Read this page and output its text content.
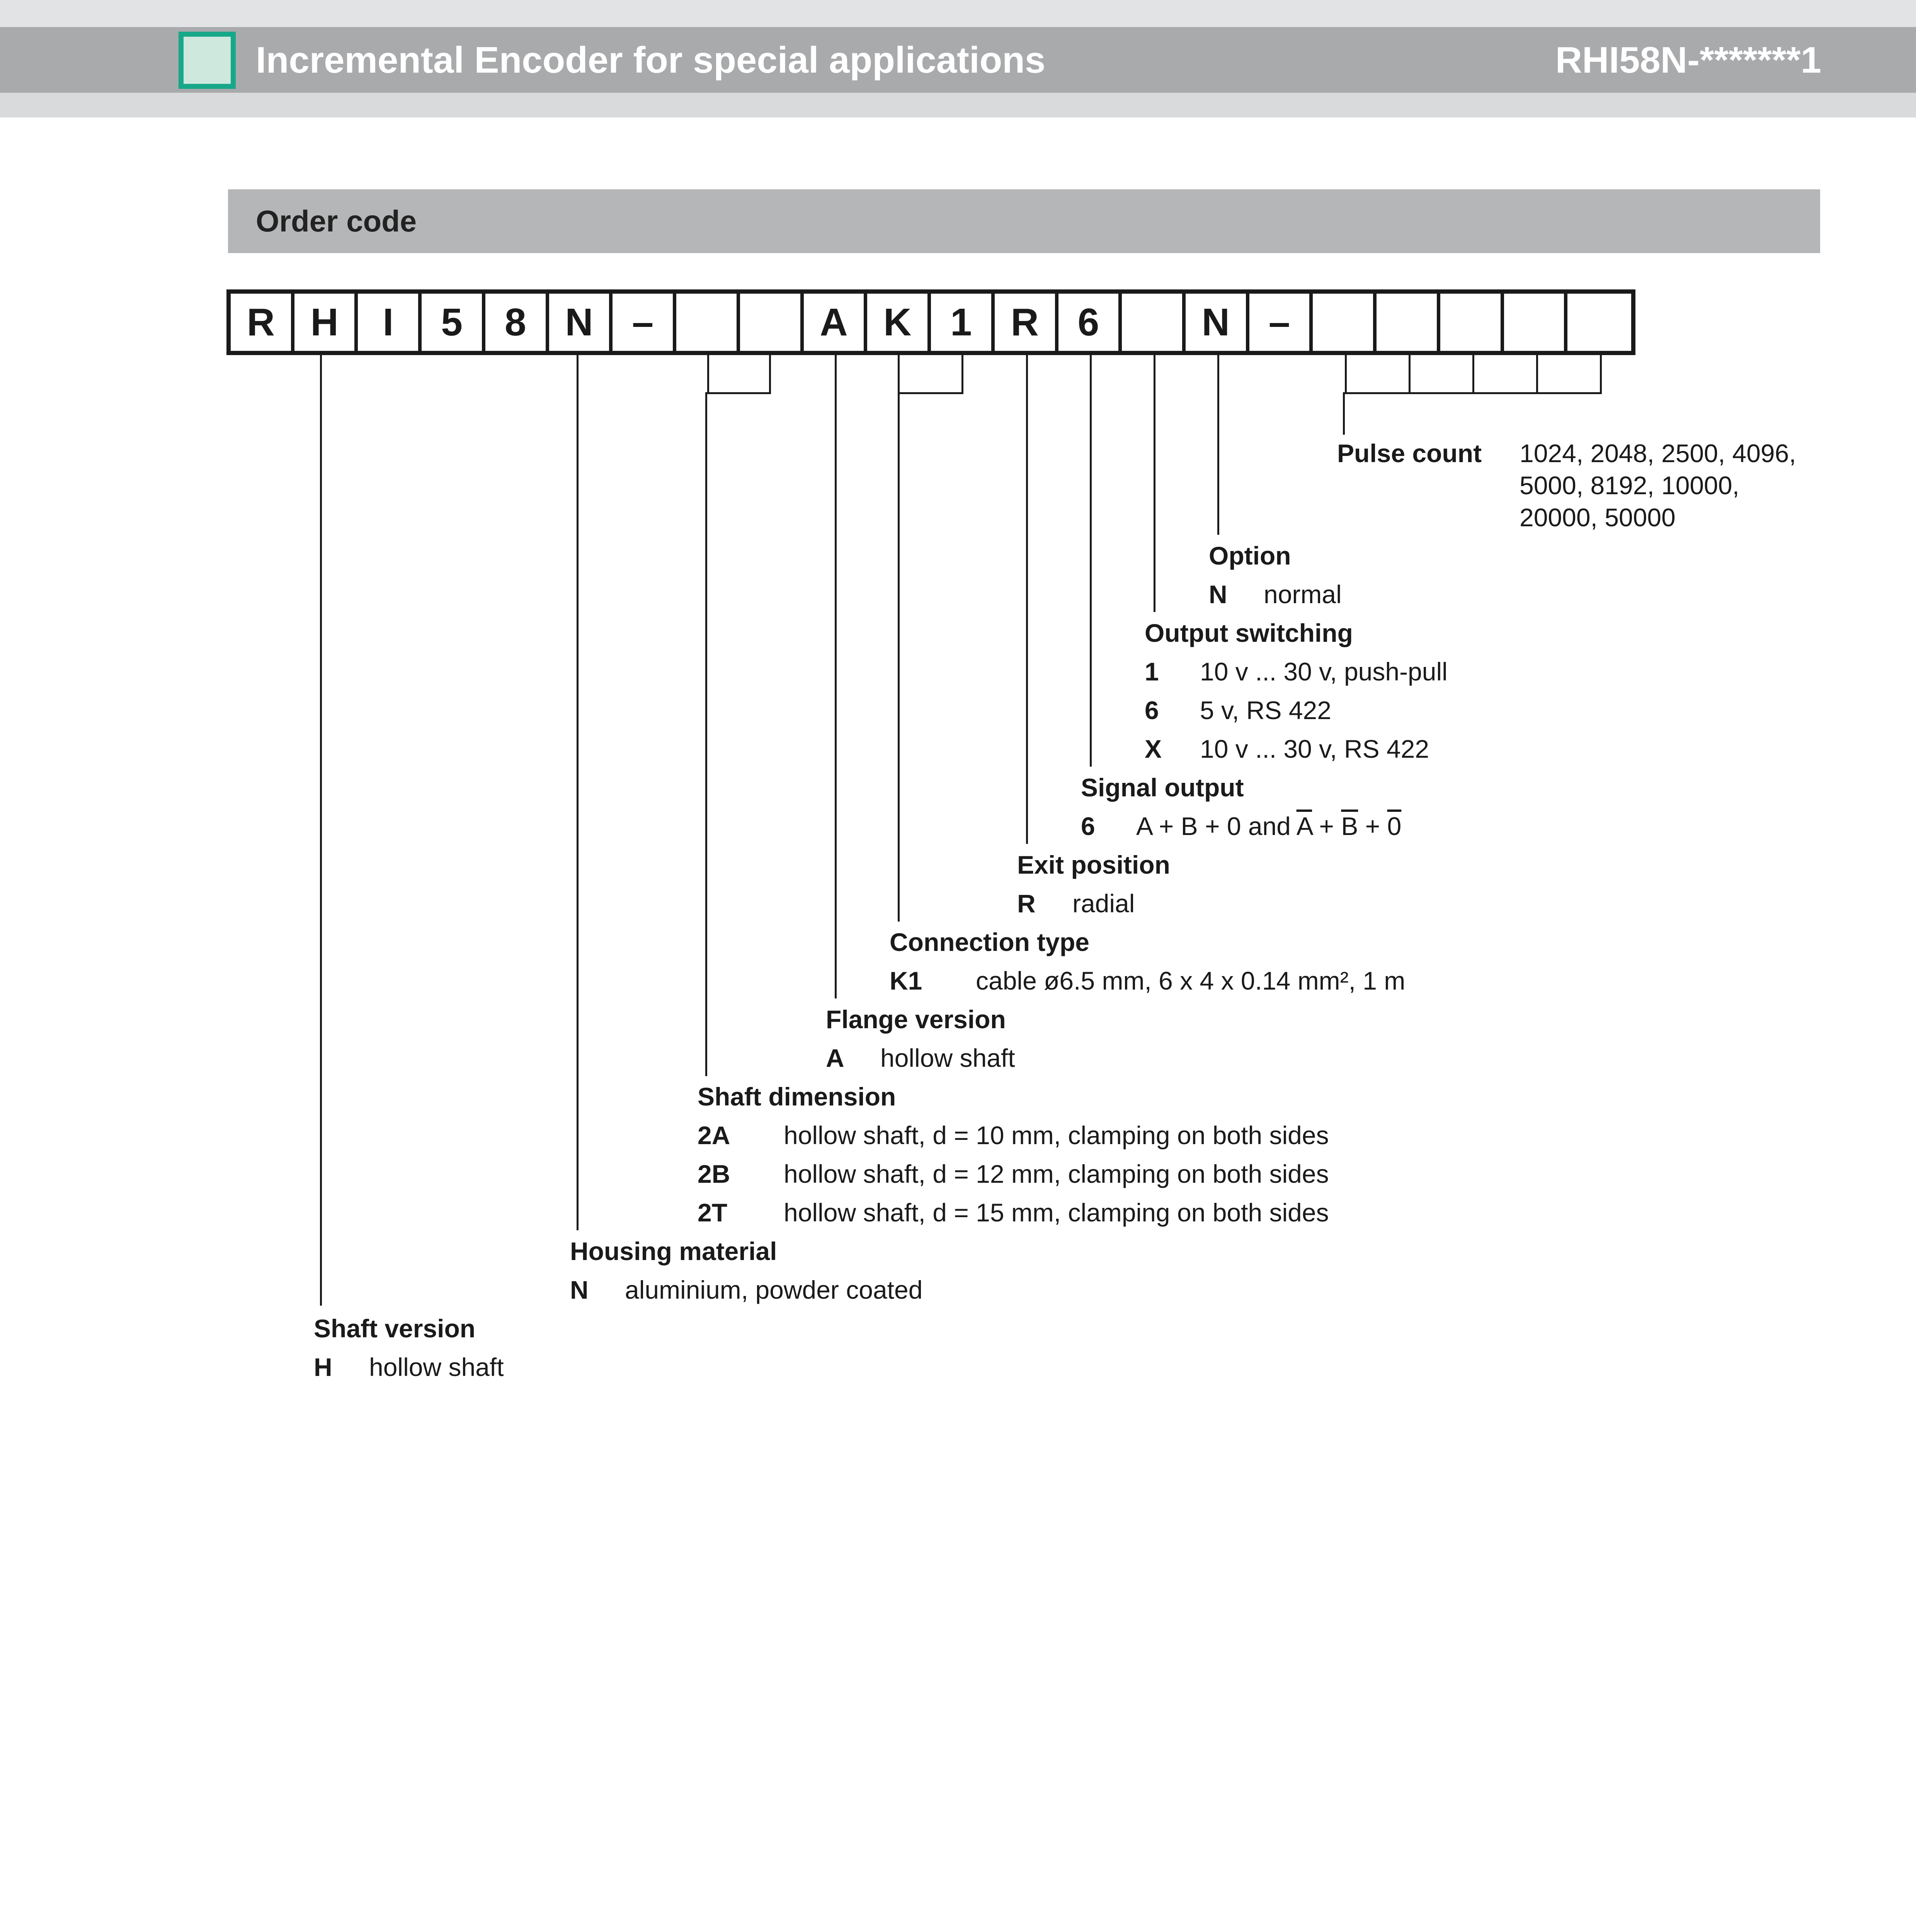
Incremental Encoder for special applications	RHI58N-*******1
Order code
R H	I	5	8	N	–	A K	1	R	6	N	–
Pulse count 1024, 2048, 2500, 4096,
5000, 8192, 10000,
20000, 50000
Option
N normal
Output switching
1 10 v ... 30 v, push-pull
6 5 v, RS 422
X 10 v ... 30 v, RS 422
Signal output
6 A + B + 0 and $\overline{A} + \overline{B} + 0$
Exit position
R radial
Connection type
K1 cable ø6.5 mm, 6 x 4 x 0.14 mm², 1 m
Flange version
A hollow shaft
Shaft dimension
2A hollow shaft, d = 10 mm, clamping on both sides
2B hollow shaft, d = 12 mm, clamping on both sides
2T hollow shaft, d = 15 mm, clamping on both sides
Housing material
N aluminium, powder coated
Shaft version
H hollow shaft
